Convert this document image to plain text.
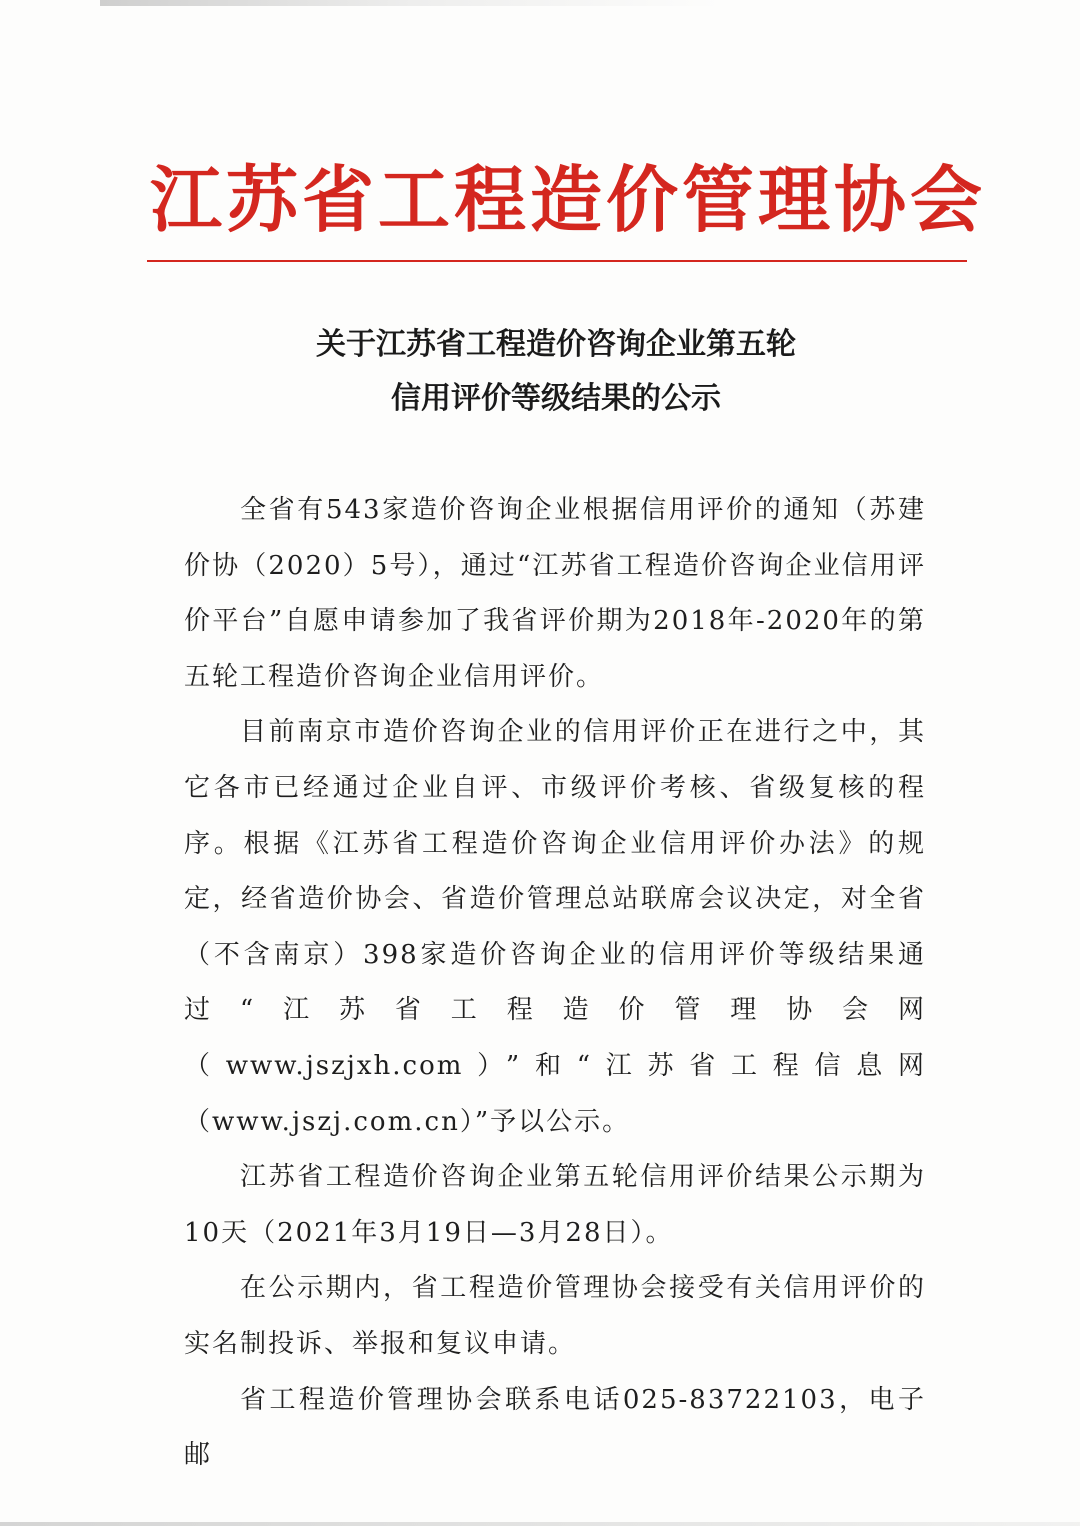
江苏省工程造价管理协会
关于江苏省工程造价咨询企业第五轮
信用评价等级结果的公示

全省有543家造价咨询企业根据信用评价的通知（苏建价协（2020）5号），通过“江苏省工程造价咨询企业信用评价平台”自愿申请参加了我省评价期为2018年-2020年的第五轮工程造价咨询企业信用评价。

目前南京市造价咨询企业的信用评价正在进行之中，其它各市已经通过企业自评、市级评价考核、省级复核的程序。根据《江苏省工程造价咨询企业信用评价办法》的规定，经省造价协会、省造价管理总站联席会议决定，对全省（不含南京）398家造价咨询企业的信用评价等级结果通过“江苏省工程造价管理协会网（www.jszjxh.com）”和“江苏省工程信息网（www.jszj.com.cn）”予以公示。

江苏省工程造价咨询企业第五轮信用评价结果公示期为10天（2021年3月19日—3月28日）。

在公示期内，省工程造价管理协会接受有关信用评价的实名制投诉、举报和复议申请。

省工程造价管理协会联系电话025-83722103，电子邮
